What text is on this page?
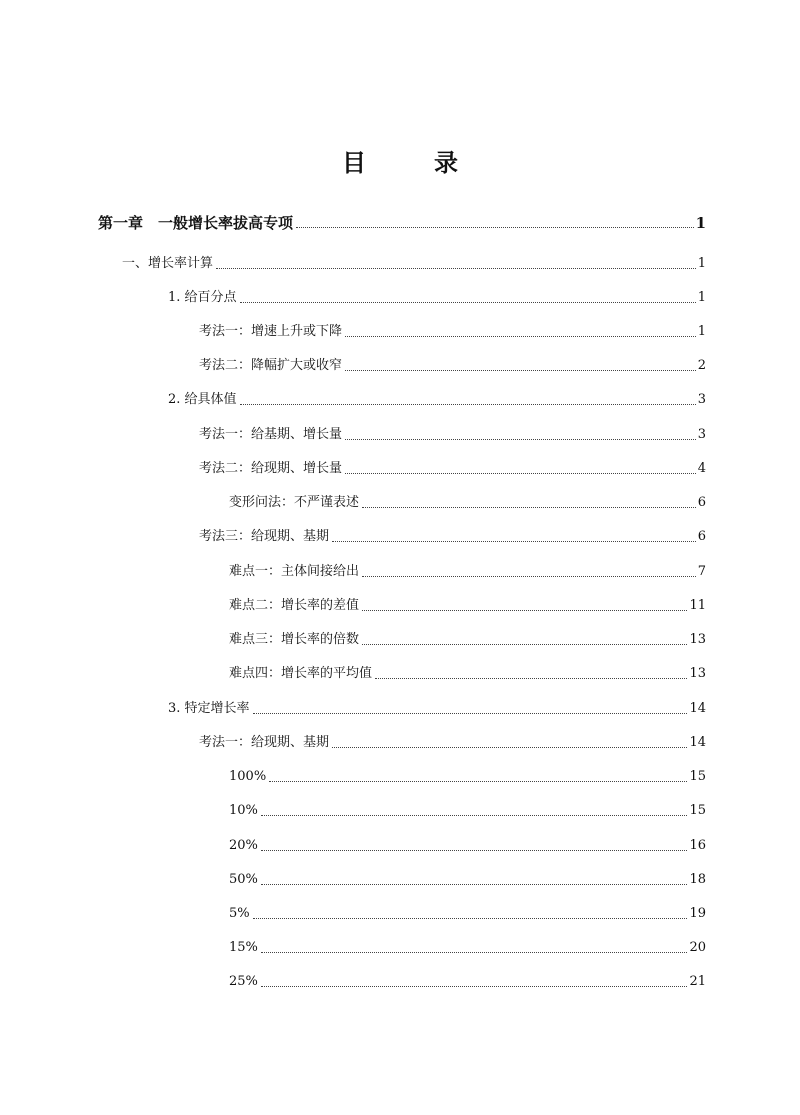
目　录
第一章　一般增长率拔高专项	1
一、增长率计算	1
1. 给百分点	1
考法一：增速上升或下降	1
考法二：降幅扩大或收窄	2
2. 给具体值	3
考法一：给基期、增长量	3
考法二：给现期、增长量	4
变形问法：不严谨表述	6
考法三：给现期、基期	6
难点一：主体间接给出	7
难点二：增长率的差值	11
难点三：增长率的倍数	13
难点四：增长率的平均值	13
3. 特定增长率	14
考法一：给现期、基期	14
100%	15
10%	15
20%	16
50%	18
5%	19
15%	20
25%	21
